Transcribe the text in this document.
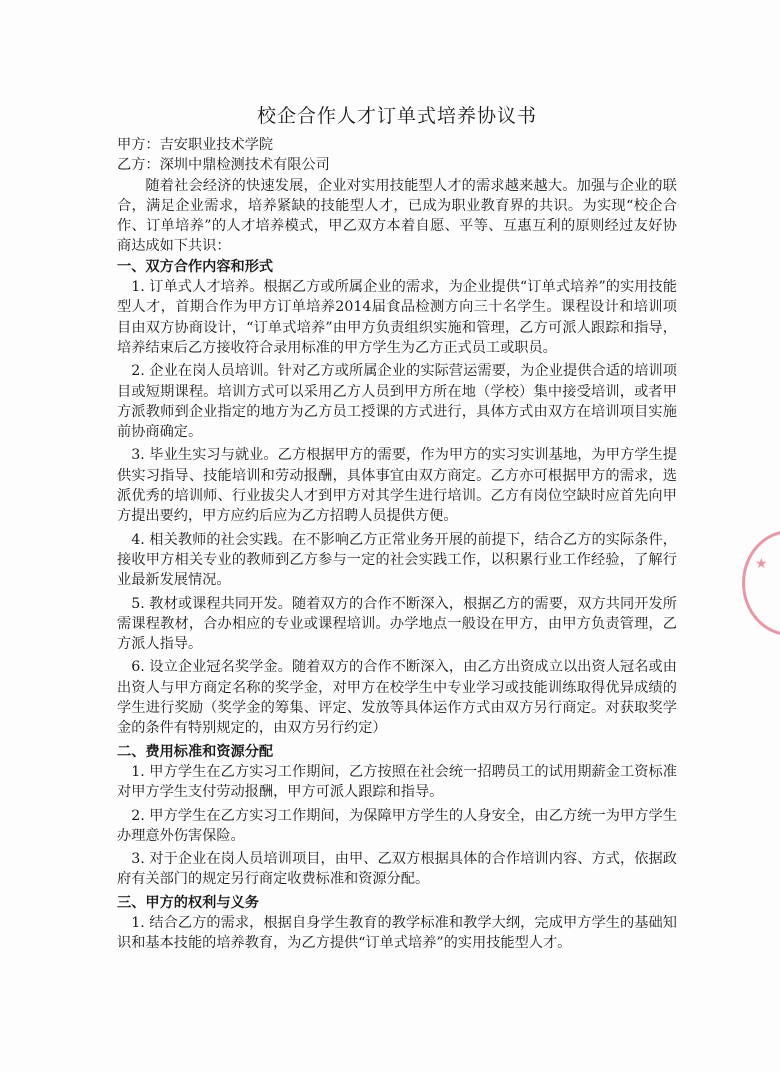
校企合作人才订单式培养协议书

甲方：吉安职业技术学院

乙方：深圳中鼎检测技术有限公司

随着社会经济的快速发展，企业对实用技能型人才的需求越来越大。加强与企业的联合，满足企业需求，培养紧缺的技能型人才，已成为职业教育界的共识。为实现“校企合作、订单培养”的人才培养模式，甲乙双方本着自愿、平等、互惠互利的原则经过友好协商达成如下共识：

一、双方合作内容和形式

1. 订单式人才培养。根据乙方或所属企业的需求，为企业提供“订单式培养”的实用技能型人才，首期合作为甲方订单培养2014届食品检测方向三十名学生。课程设计和培训项目由双方协商设计，“订单式培养”由甲方负责组织实施和管理，乙方可派人跟踪和指导，培养结束后乙方接收符合录用标准的甲方学生为乙方正式员工或职员。

2. 企业在岗人员培训。针对乙方或所属企业的实际营运需要，为企业提供合适的培训项目或短期课程。培训方式可以采用乙方人员到甲方所在地（学校）集中接受培训，或者甲方派教师到企业指定的地方为乙方员工授课的方式进行，具体方式由双方在培训项目实施前协商确定。

3. 毕业生实习与就业。乙方根据甲方的需要，作为甲方的实习实训基地，为甲方学生提供实习指导、技能培训和劳动报酬，具体事宜由双方商定。乙方亦可根据甲方的需求，选派优秀的培训师、行业拔尖人才到甲方对其学生进行培训。乙方有岗位空缺时应首先向甲方提出要约，甲方应约后应为乙方招聘人员提供方便。

4. 相关教师的社会实践。在不影响乙方正常业务开展的前提下，结合乙方的实际条件，接收甲方相关专业的教师到乙方参与一定的社会实践工作，以积累行业工作经验，了解行业最新发展情况。

5. 教材或课程共同开发。随着双方的合作不断深入，根据乙方的需要，双方共同开发所需课程教材，合办相应的专业或课程培训。办学地点一般设在甲方，由甲方负责管理，乙方派人指导。

6. 设立企业冠名奖学金。随着双方的合作不断深入，由乙方出资成立以出资人冠名或由出资人与甲方商定名称的奖学金，对甲方在校学生中专业学习或技能训练取得优异成绩的学生进行奖励（奖学金的筹集、评定、发放等具体运作方式由双方另行商定。对获取奖学金的条件有特别规定的，由双方另行约定）

二、费用标准和资源分配

1. 甲方学生在乙方实习工作期间，乙方按照在社会统一招聘员工的试用期薪金工资标准对甲方学生支付劳动报酬，甲方可派人跟踪和指导。

2. 甲方学生在乙方实习工作期间，为保障甲方学生的人身安全，由乙方统一为甲方学生办理意外伤害保险。

3. 对于企业在岗人员培训项目，由甲、乙双方根据具体的合作培训内容、方式，依据政府有关部门的规定另行商定收费标准和资源分配。

三、甲方的权利与义务

1. 结合乙方的需求，根据自身学生教育的教学标准和教学大纲，完成甲方学生的基础知识和基本技能的培养教育，为乙方提供“订单式培养”的实用技能型人才。

★
